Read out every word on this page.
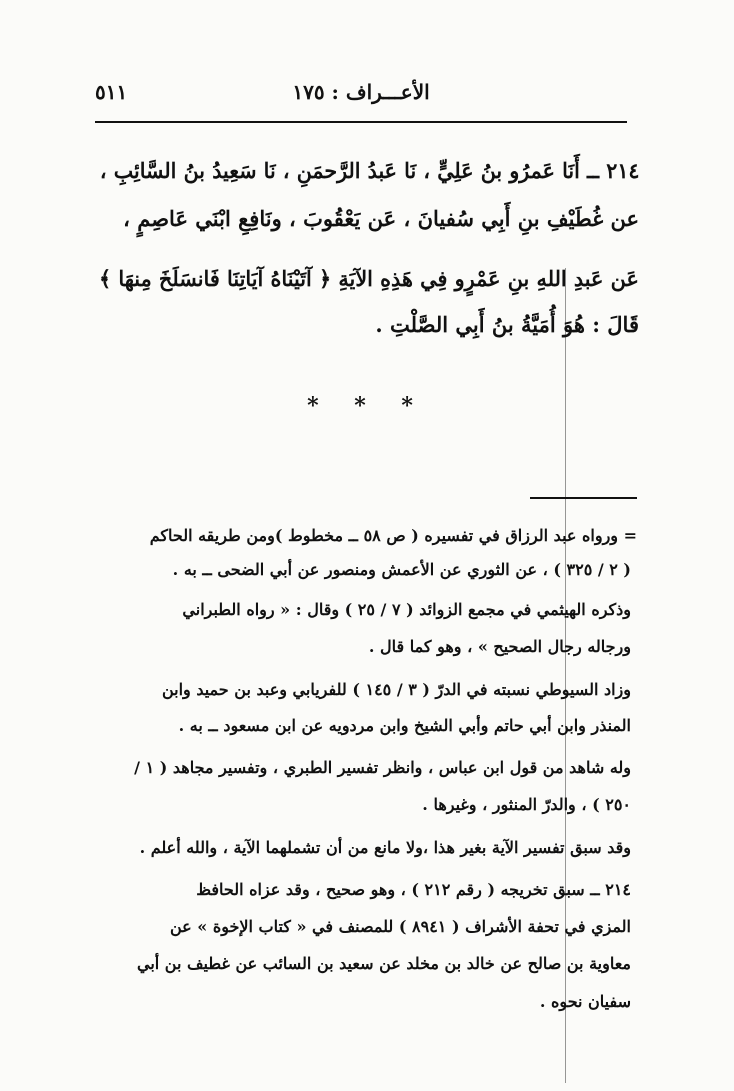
٥١١	الأعـــراف : ١٧٥
٢١٤ ــ أَنَا عَمرُو بنُ عَلِيٍّ ، نَا عَبدُ الرَّحمَنِ ، نَا سَعِيدُ بنُ السَّائِبِ ،
عن غُطَيْفِ بنِ أَبِي سُفيانَ ، عَن يَعْقُوبَ ، ونَافِعِ ابْنَي عَاصِمٍ ،
عَن عَبدِ اللهِ بنِ عَمْرٍو فِي هَذِهِ الآيَةِ ﴿ آتَيْنَاهُ آيَاتِنَا فَانسَلَخَ مِنهَا ﴾
قَالَ : هُوَ أُمَيَّةُ بنُ أَبِي الصَّلْتِ .
* * *
= ورواه عبد الرزاق في تفسيره ( ص ٥٨ ــ مخطوط )ومن طريقه الحاكم
( ٢ / ٣٢٥ ) ، عن الثوري عن الأعمش ومنصور عن أبي الضحى ــ به .
وذكره الهيثمي في مجمع الزوائد ( ٧ / ٢٥ ) وقال : « رواه الطبراني
ورجاله رجال الصحيح » ، وهو كما قال .
وزاد السيوطي نسبته في الدرّ ( ٣ / ١٤٥ ) للفريابي وعبد بن حميد وابن
المنذر وابن أبي حاتم وأبي الشيخ وابن مردويه عن ابن مسعود ــ به .
وله شاهد من قول ابن عباس ، وانظر تفسير الطبري ، وتفسير مجاهد ( ١ /
٢٥٠ ) ، والدرّ المنثور ، وغيرها .
وقد سبق تفسير الآية بغير هذا ،ولا مانع من أن تشملهما الآية ، والله أعلم .
٢١٤ ــ سبق تخريجه ( رقم ٢١٢ ) ، وهو صحيح ، وقد عزاه الحافظ
المزي في تحفة الأشراف ( ٨٩٤١ ) للمصنف في « كتاب الإخوة » عن
معاوية بن صالح عن خالد بن مخلد عن سعيد بن السائب عن غطيف بن أبي
سفيان نحوه .
